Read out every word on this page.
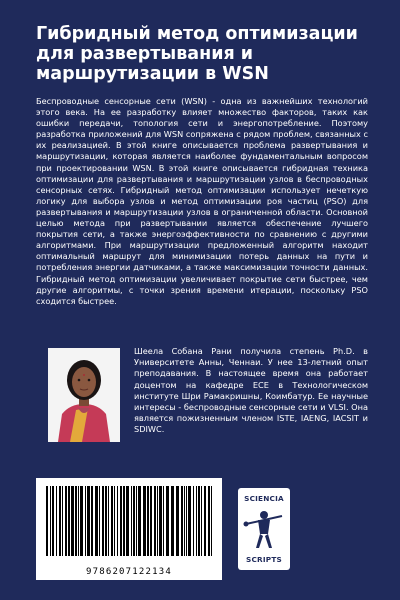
Гибридный метод оптимизации
для развертывания и
маршрутизации в WSN

Беспроводные сенсорные сети (WSN) - одна из важнейших технологий этого века. На ее разработку влияет множество факторов, таких как ошибки передачи, топология сети и энергопотребление. Поэтому разработка приложений для WSN сопряжена с рядом проблем, связанных с их реализацией. В этой книге описывается проблема развертывания и маршрутизации, которая является наиболее фундаментальным вопросом при проектировании WSN. В этой книге описывается гибридная техника оптимизации для развертывания и маршрутизации узлов в беспроводных сенсорных сетях. Гибридный метод оптимизации использует нечеткую логику для выбора узлов и метод оптимизации роя частиц (PSO) для развертывания и маршрутизации узлов в ограниченной области. Основной целью метода при развертывании является обеспечение лучшего покрытия сети, а также энергоэффективности по сравнению с другими алгоритмами. При маршрутизации предложенный алгоритм находит оптимальный маршрут для минимизации потерь данных на пути и потребления энергии датчиками, а также максимизации точности данных. Гибридный метод оптимизации увеличивает покрытие сети быстрее, чем другие алгоритмы, с точки зрения времени итерации, поскольку PSO сходится быстрее.

Шеела Собана Рани получила степень Ph.D. в Университете Анны, Ченнаи. У нее 13-летний опыт преподавания. В настоящее время она работает доцентом на кафедре ECE в Технологическом институте Шри Рамакришны, Коимбатур. Ее научные интересы - беспроводные сенсорные сети и VLSI. Она является пожизненным членом ISTE, IAENG, IACSIT и SDIWC.

9786207122134
SCIENCIA
SCRIPTS
